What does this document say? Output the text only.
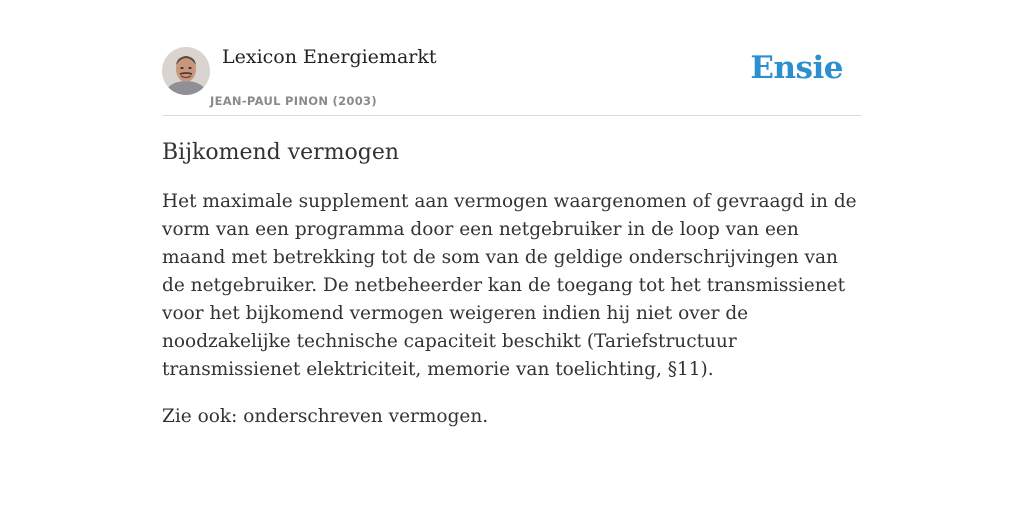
Lexicon Energiemarkt
JEAN-PAUL PINON (2003)
Ensie
Bijkomend vermogen

Het maximale supplement aan vermogen waargenomen of gevraagd in de vorm van een programma door een netgebruiker in de loop van een maand met betrekking tot de som van de geldige onderschrijvingen van de netgebruiker. De netbeheerder kan de toegang tot het transmissienet voor het bijkomend vermogen weigeren indien hij niet over de noodzakelijke technische capaciteit beschikt (Tariefstructuur transmissienet elektriciteit, memorie van toelichting, §11).

Zie ook: onderschreven vermogen.
